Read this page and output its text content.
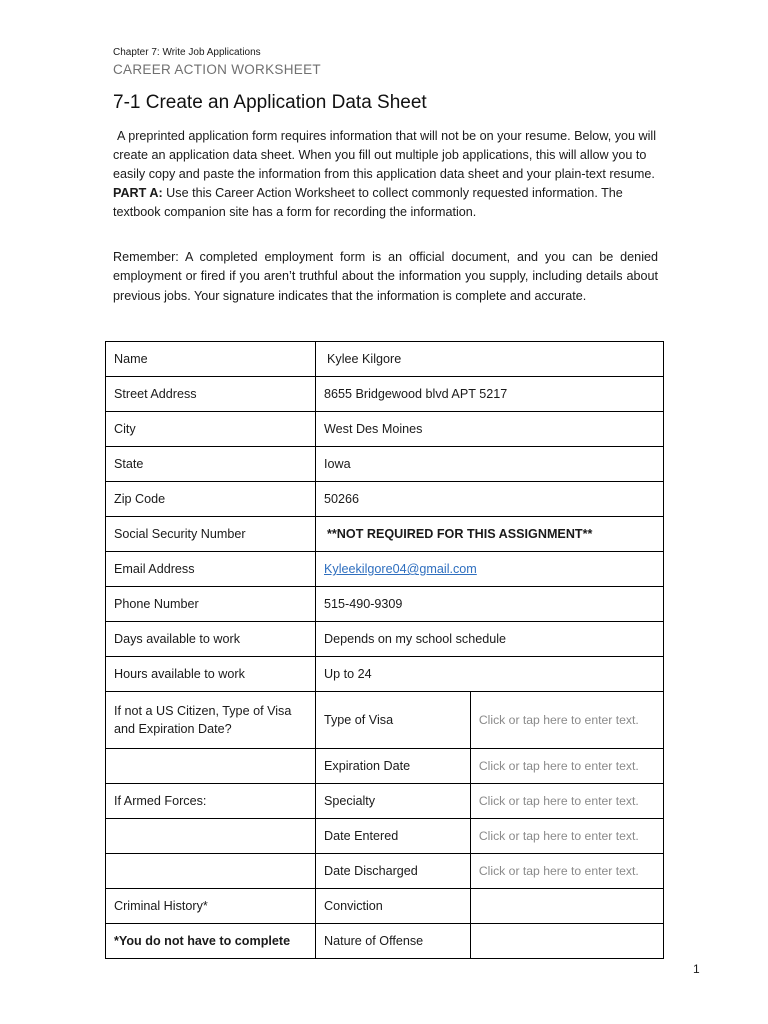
Chapter 7: Write Job Applications
CAREER ACTION WORKSHEET
7-1 Create an Application Data Sheet

A preprinted application form requires information that will not be on your resume. Below, you will create an application data sheet. When you fill out multiple job applications, this will allow you to easily copy and paste the information from this application data sheet and your plain-text resume.

PART A: Use this Career Action Worksheet to collect commonly requested information. The textbook companion site has a form for recording the information.

Remember: A completed employment form is an official document, and you can be denied employment or fired if you aren’t truthful about the information you supply, including details about previous jobs. Your signature indicates that the information is complete and accurate.
Name	Kylee Kilgore	
Street Address	8655 Bridgewood blvd APT 5217	
City	West Des Moines	
State	Iowa	
Zip Code	50266	
Social Security Number	**NOT REQUIRED FOR THIS ASSIGNMENT**	
Email Address	Kyleekilgore04@gmail.com	
Phone Number	515-490-9309	
Days available to work	Depends on my school schedule	
Hours available to work	Up to 24	
If not a US Citizen, Type of Visa and Expiration Date?	Type of Visa	Click or tap here to enter text.
	Expiration Date	Click or tap here to enter text.
If Armed Forces:	Specialty	Click or tap here to enter text.
	Date Entered	Click or tap here to enter text.
	Date Discharged	Click or tap here to enter text.
Criminal History*	Conviction	
*You do not have to complete	Nature of Offense	
1
